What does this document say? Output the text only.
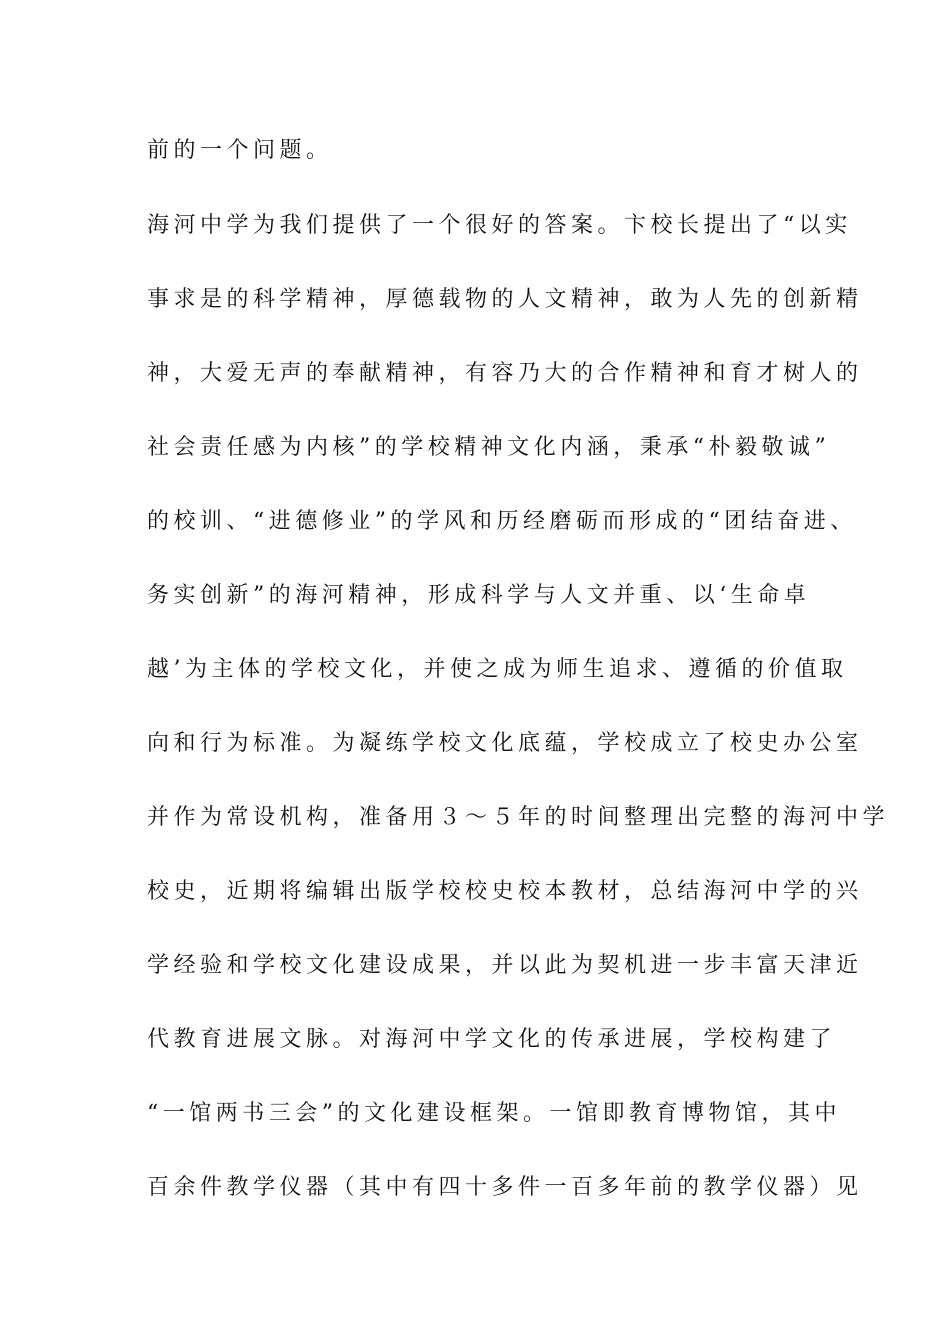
前的一个问题。
海河中学为我们提供了一个很好的答案。卞校长提出了“以实
事求是的科学精神，厚德载物的人文精神，敢为人先的创新精
神，大爱无声的奉献精神，有容乃大的合作精神和育才树人的
社会责任感为内核”的学校精神文化内涵，秉承“朴毅敬诚”
的校训、“进德修业”的学风和历经磨砺而形成的“团结奋进、
务实创新”的海河精神，形成科学与人文并重、以‘生命卓
越’为主体的学校文化，并使之成为师生追求、遵循的价值取
向和行为标准。为凝练学校文化底蕴，学校成立了校史办公室
并作为常设机构，准备用３～５年的时间整理出完整的海河中学
校史，近期将编辑出版学校校史校本教材，总结海河中学的兴
学经验和学校文化建设成果，并以此为契机进一步丰富天津近
代教育进展文脉。对海河中学文化的传承进展，学校构建了
“一馆两书三会”的文化建设框架。一馆即教育博物馆，其中
百余件教学仪器（其中有四十多件一百多年前的教学仪器）见
